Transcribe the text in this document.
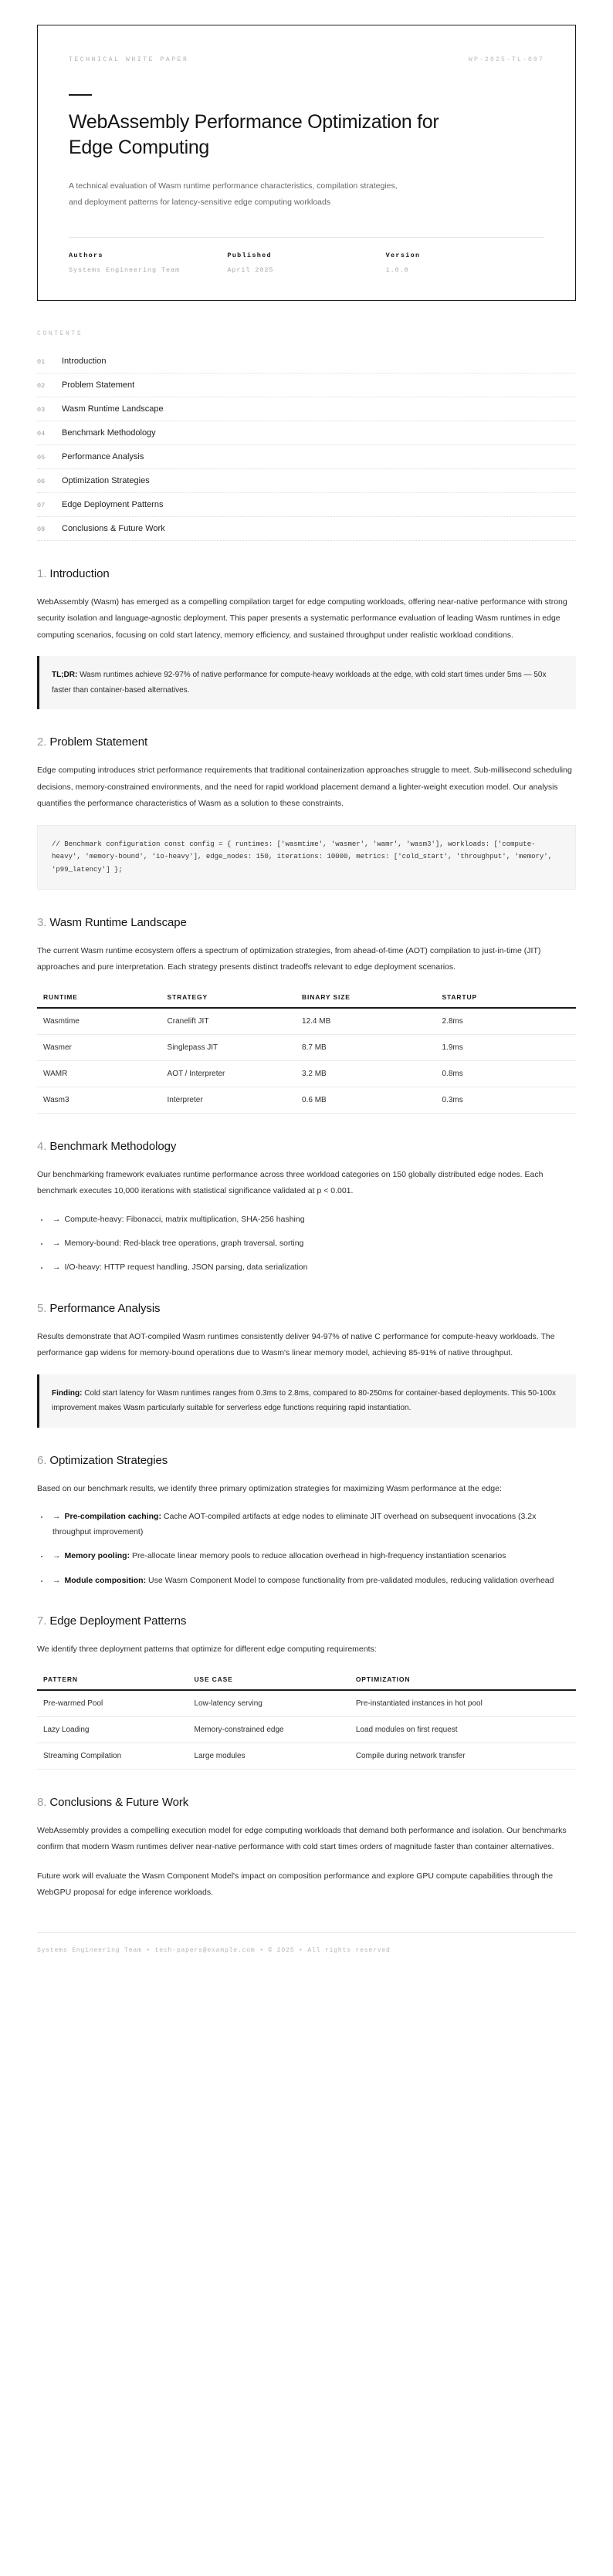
TECHNICAL WHITE PAPER	WP-2025-TL-007
WebAssembly Performance Optimization for Edge Computing

A technical evaluation of Wasm runtime performance characteristics, compilation strategies, and deployment patterns for latency-sensitive edge computing workloads

Authors
Systems Engineering Team
Published
April 2025
Version
1.0.0
CONTENTS
01	Introduction
02	Problem Statement
03	Wasm Runtime Landscape
04	Benchmark Methodology
05	Performance Analysis
06	Optimization Strategies
07	Edge Deployment Patterns
08	Conclusions & Future Work
1. Introduction

WebAssembly (Wasm) has emerged as a compelling compilation target for edge computing workloads, offering near-native performance with strong security isolation and language-agnostic deployment. This paper presents a systematic performance evaluation of leading Wasm runtimes in edge computing scenarios, focusing on cold start latency, memory efficiency, and sustained throughput under realistic workload conditions.

TL;DR: Wasm runtimes achieve 92-97% of native performance for compute-heavy workloads at the edge, with cold start times under 5ms — 50x faster than container-based alternatives.

2. Problem Statement

Edge computing introduces strict performance requirements that traditional containerization approaches struggle to meet. Sub-millisecond scheduling decisions, memory-constrained environments, and the need for rapid workload placement demand a lighter-weight execution model. Our analysis quantifies the performance characteristics of Wasm as a solution to these constraints.

// Benchmark configuration const config = { runtimes: ['wasmtime', 'wasmer', 'wamr', 'wasm3'], workloads: ['compute-heavy', 'memory-bound', 'io-heavy'], edge_nodes: 150, iterations: 10000, metrics: ['cold_start', 'throughput', 'memory', 'p99_latency'] };
3. Wasm Runtime Landscape

The current Wasm runtime ecosystem offers a spectrum of optimization strategies, from ahead-of-time (AOT) compilation to just-in-time (JIT) approaches and pure interpretation. Each strategy presents distinct tradeoffs relevant to edge deployment scenarios.

RUNTIME	STRATEGY	BINARY SIZE	STARTUP
Wasmtime	Cranelift JIT	12.4 MB	2.8ms
Wasmer	Singlepass JIT	8.7 MB	1.9ms
WAMR	AOT / Interpreter	3.2 MB	0.8ms
Wasm3	Interpreter	0.6 MB	0.3ms
4. Benchmark Methodology

Our benchmarking framework evaluates runtime performance across three workload categories on 150 globally distributed edge nodes. Each benchmark executes 10,000 iterations with statistical significance validated at p < 0.001.

• → Compute-heavy: Fibonacci, matrix multiplication, SHA-256 hashing
• → Memory-bound: Red-black tree operations, graph traversal, sorting
• → I/O-heavy: HTTP request handling, JSON parsing, data serialization
5. Performance Analysis

Results demonstrate that AOT-compiled Wasm runtimes consistently deliver 94-97% of native C performance for compute-heavy workloads. The performance gap widens for memory-bound operations due to Wasm's linear memory model, achieving 85-91% of native throughput.

Finding: Cold start latency for Wasm runtimes ranges from 0.3ms to 2.8ms, compared to 80-250ms for container-based deployments. This 50-100x improvement makes Wasm particularly suitable for serverless edge functions requiring rapid instantiation.

6. Optimization Strategies

Based on our benchmark results, we identify three primary optimization strategies for maximizing Wasm performance at the edge:

• → Pre-compilation caching: Cache AOT-compiled artifacts at edge nodes to eliminate JIT overhead on subsequent invocations (3.2x throughput improvement)
• → Memory pooling: Pre-allocate linear memory pools to reduce allocation overhead in high-frequency instantiation scenarios
• → Module composition: Use Wasm Component Model to compose functionality from pre-validated modules, reducing validation overhead
7. Edge Deployment Patterns

We identify three deployment patterns that optimize for different edge computing requirements:

PATTERN	USE CASE	OPTIMIZATION
Pre-warmed Pool	Low-latency serving	Pre-instantiated instances in hot pool
Lazy Loading	Memory-constrained edge	Load modules on first request
Streaming Compilation	Large modules	Compile during network transfer
8. Conclusions & Future Work

WebAssembly provides a compelling execution model for edge computing workloads that demand both performance and isolation. Our benchmarks confirm that modern Wasm runtimes deliver near-native performance with cold start times orders of magnitude faster than container alternatives.

Future work will evaluate the Wasm Component Model's impact on composition performance and explore GPU compute capabilities through the WebGPU proposal for edge inference workloads.

Systems Engineering Team • tech-papers@example.com • © 2025 • All rights reserved
